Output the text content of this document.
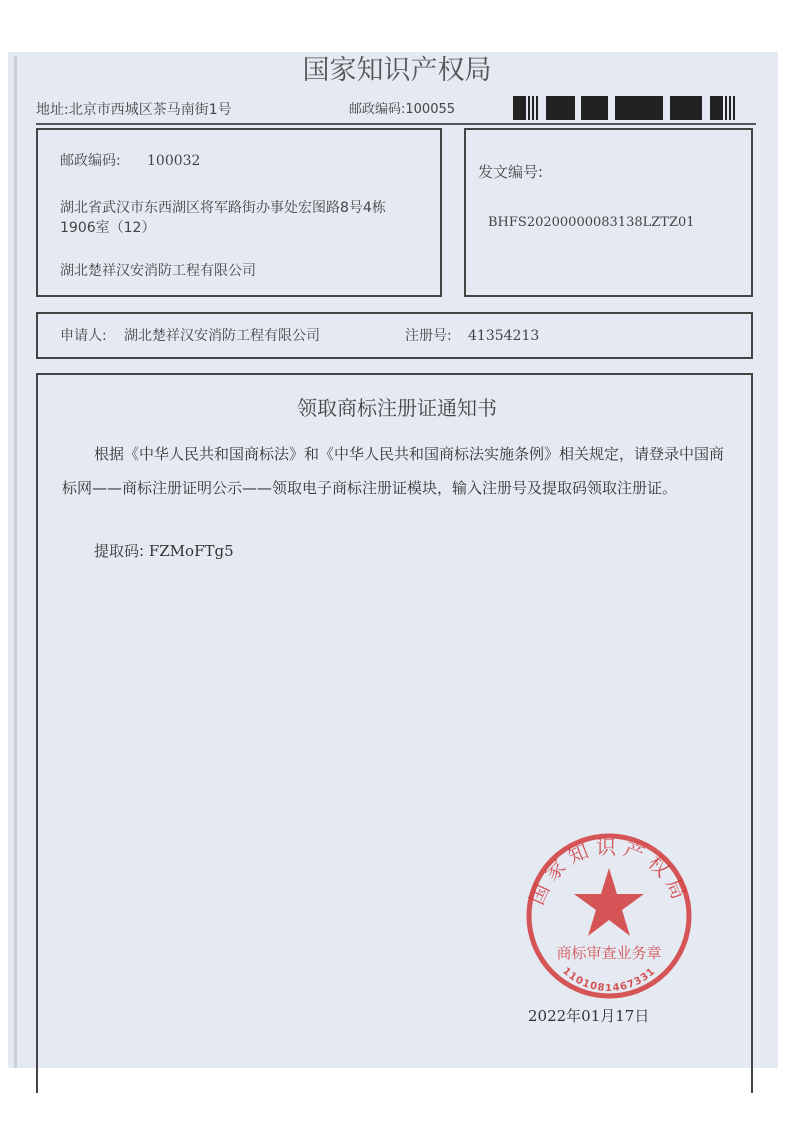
国家知识产权局
地址:北京市西城区茶马南街1号	邮政编码:100055
邮政编码: 100032
湖北省武汉市东西湖区将军路街办事处宏图路8号4栋
1906室（12）
湖北楚祥汉安消防工程有限公司
发文编号:
BHFS20200000083138LZTZ01
申请人: 湖北楚祥汉安消防工程有限公司	注册号: 41354213
领取商标注册证通知书
根据《中华人民共和国商标法》和《中华人民共和国商标法实施条例》相关规定，请登录中国商标网——商标注册证明公示——领取电子商标注册证模块，输入注册号及提取码领取注册证。
提取码: FZMoFTg5
国家知识产权局
商标审查业务章
1101081467331
2022年01月17日
